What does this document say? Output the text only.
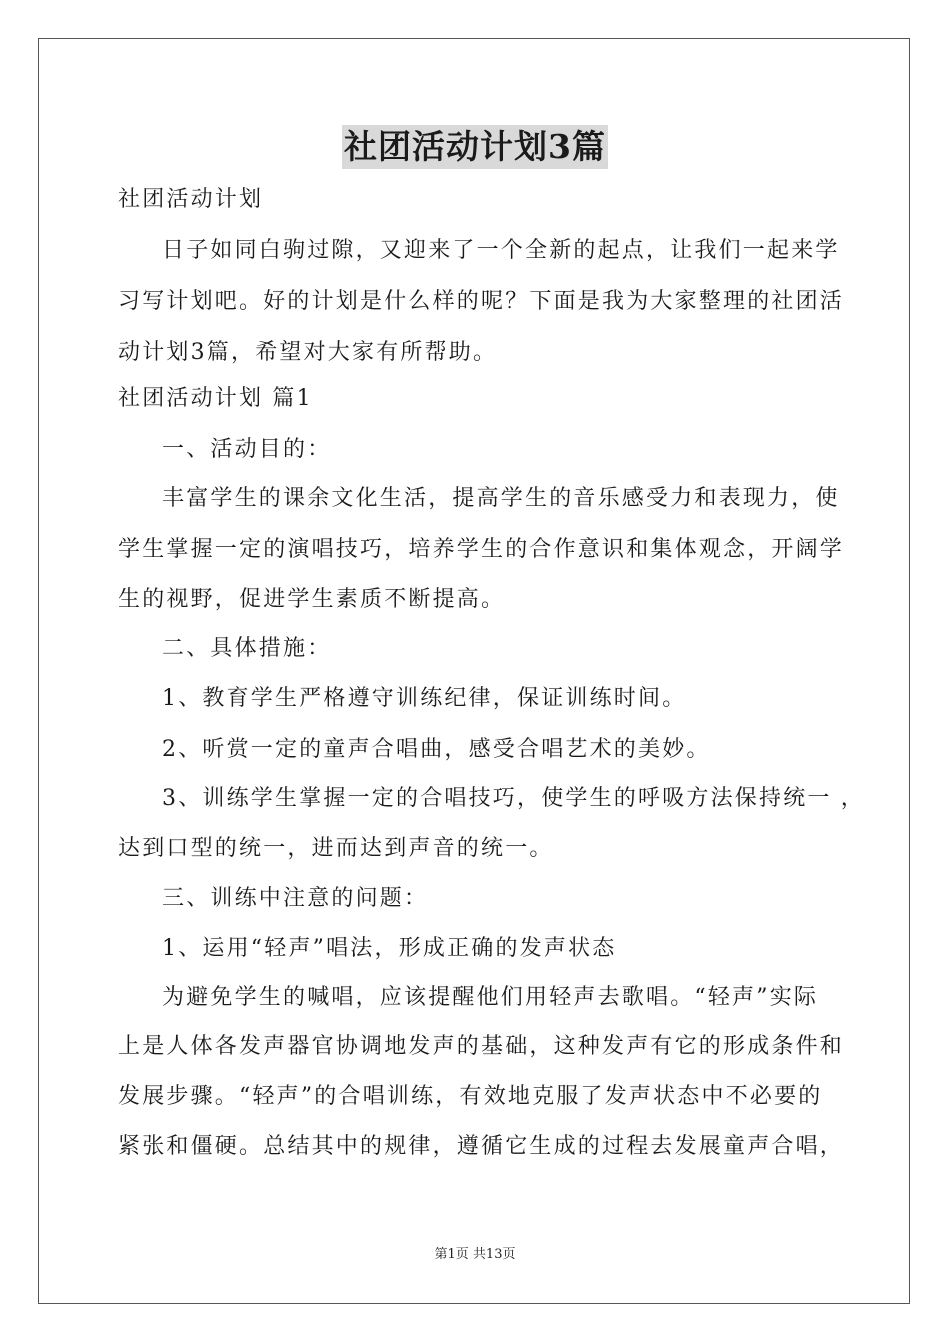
社团活动计划3篇
社团活动计划
日子如同白驹过隙，又迎来了一个全新的起点，让我们一起来学
习写计划吧。好的计划是什么样的呢？下面是我为大家整理的社团活
动计划3篇，希望对大家有所帮助。
社团活动计划 篇1
一、活动目的：
丰富学生的课余文化生活，提高学生的音乐感受力和表现力，使
学生掌握一定的演唱技巧，培养学生的合作意识和集体观念，开阔学
生的视野，促进学生素质不断提高。
二、具体措施：
1、教育学生严格遵守训练纪律，保证训练时间。
2、听赏一定的童声合唱曲，感受合唱艺术的美妙。
3、训练学生掌握一定的合唱技巧，使学生的呼吸方法保持统一 ，
达到口型的统一，进而达到声音的统一。
三、训练中注意的问题：
1、运用“轻声”唱法，形成正确的发声状态
为避免学生的喊唱，应该提醒他们用轻声去歌唱。“轻声”实际
上是人体各发声器官协调地发声的基础，这种发声有它的形成条件和
发展步骤。“轻声”的合唱训练，有效地克服了发声状态中不必要的
紧张和僵硬。总结其中的规律，遵循它生成的过程去发展童声合唱，
第1页 共13页
